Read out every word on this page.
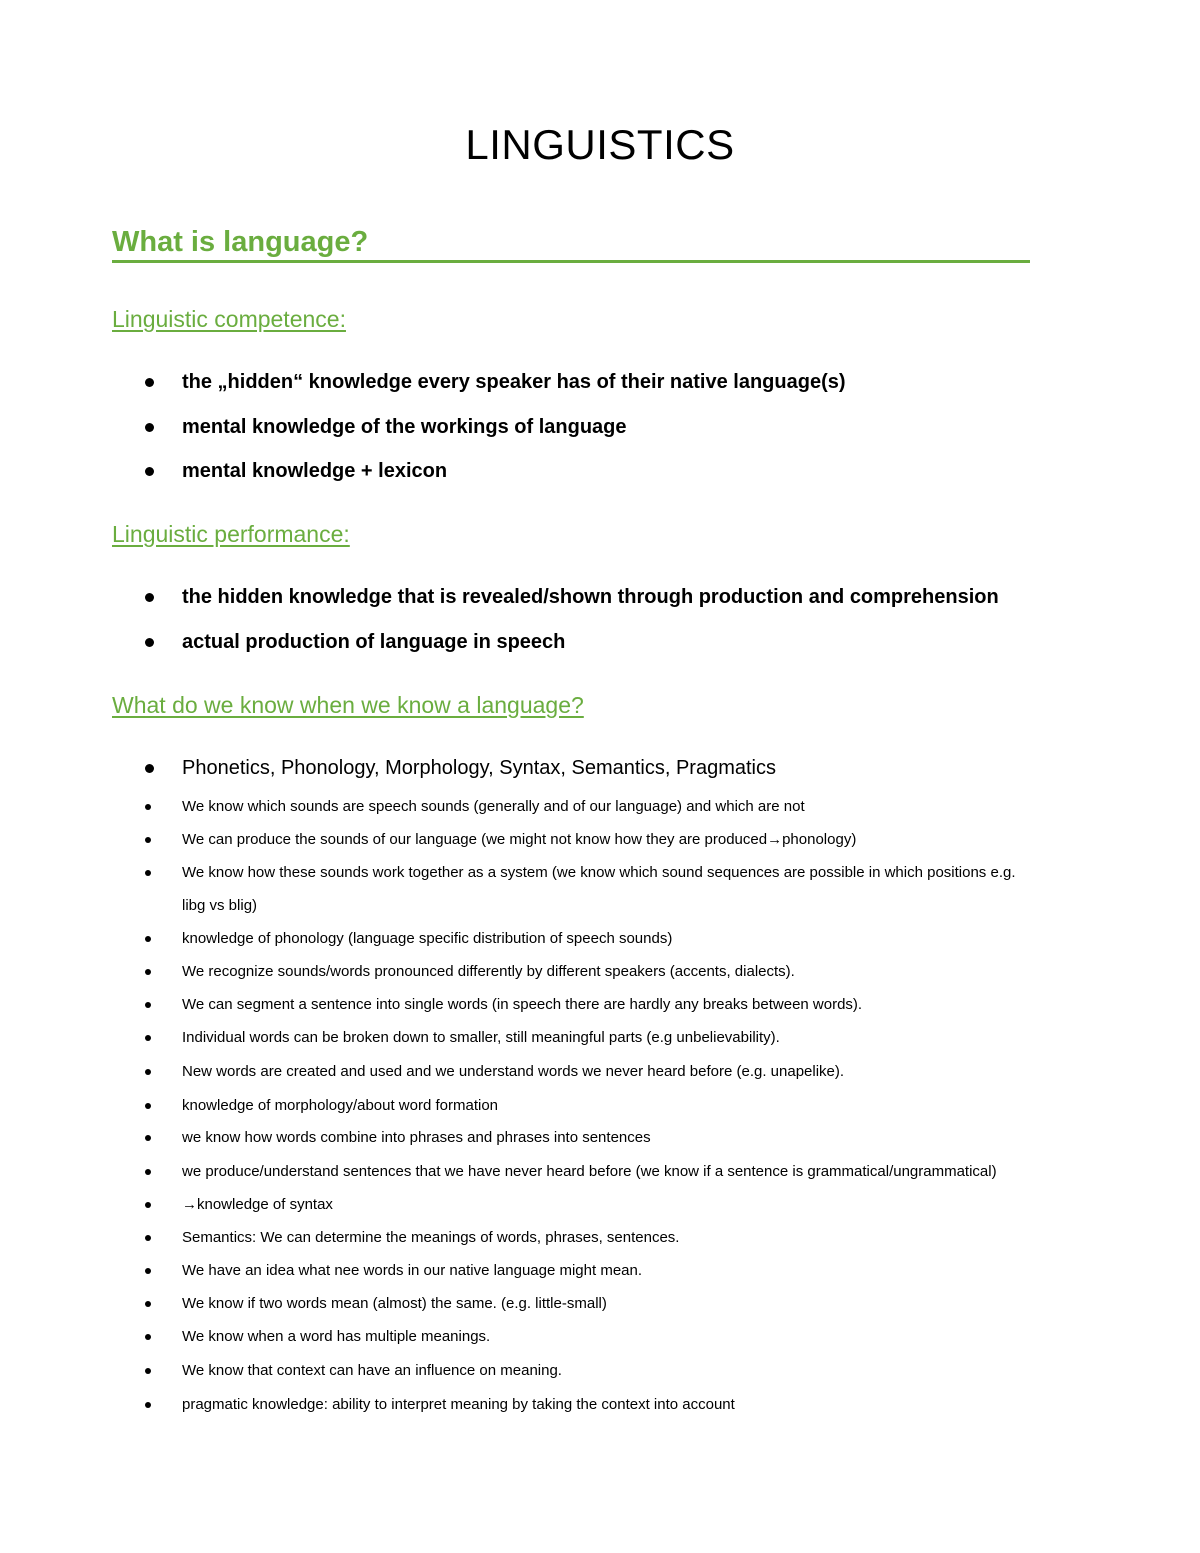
LINGUISTICS
What is language?
Linguistic competence:
the „hidden“ knowledge every speaker has of their native language(s)
mental knowledge of the workings of language
mental knowledge + lexicon
Linguistic performance:
the hidden knowledge that is revealed/shown through production and comprehension
actual production of language in speech
What do we know when we know a language?
Phonetics, Phonology, Morphology, Syntax, Semantics, Pragmatics
We know which sounds are speech sounds (generally and of our language) and which are not
We can produce the sounds of our language (we might not know how they are produced→phonology)
We know how these sounds work together as a system (we know which sound sequences are possible in which positions e.g.
libg vs blig)
knowledge of phonology (language specific distribution of speech sounds)
We recognize sounds/words pronounced differently by different speakers (accents, dialects).
We can segment a sentence into single words (in speech there are hardly any breaks between words).
Individual words can be broken down to smaller, still meaningful parts (e.g unbelievability).
New words are created and used and we understand words we never heard before (e.g. unapelike).
knowledge of morphology/about word formation
we know how words combine into phrases and phrases into sentences
we produce/understand sentences that we have never heard before (we know if a sentence is grammatical/ungrammatical)
→knowledge of syntax
Semantics: We can determine the meanings of words, phrases, sentences.
We have an idea what nee words in our native language might mean.
We know if two words mean (almost) the same. (e.g. little-small)
We know when a word has multiple meanings.
We know that context can have an influence on meaning.
pragmatic knowledge: ability to interpret meaning by taking the context into account
